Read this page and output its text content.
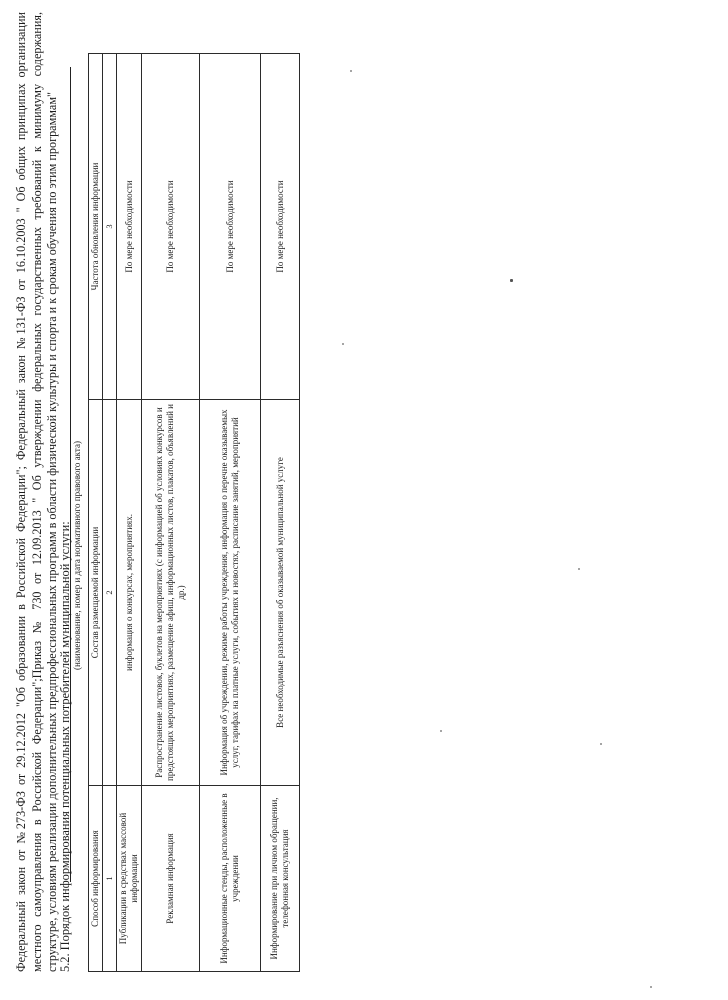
Федеральный закон от №273-ФЗ от 29.12.2012 "Об образовании в Российской Федерации"; Федеральный закон №131-ФЗ от 16.10.2003 " Об общих принципах организации местного самоуправления в Российской Федерации";Приказ № 730 от 12.09.2013 " Об утверждении федеральных государственных требований к минимуму содержания, структуре, условиям реализации дополнительных предпрофессиональных программ в области физической культуры и спорта и к срокам обучения по этим программам" 5.2. Порядок информирования потенциальных потребителей муниципальной услуги: (наименование, номер и дата нормативного правового акта)
Способ информирования	Состав размещаемой информации	Частота обновления информации
1	2	3
Публикации в средствах массовой информации	информация о конкурсах, мероприятиях.	По мере необходимости
Рекламная информация	Распространение листовок, буклетов на мероприятиях (с информацией об условиях конкурсов и предстоящих мероприятиях, размещение афиш, информационных листов, плакатов, объявлений и др.)	По мере необходимости
Информационные стенды, расположенные в учреждении	Информация об учреждении, режиме работы учреждения, информация о перечне оказываемых услуг, тарифах на платные услуги, событиях и новостях, расписание занятий, мероприятий	По мере необходимости
Информирование при личном обращении, телефонная консультация	Все необходимые разъяснения об оказываемой муниципальной услуге	По мере необходимости
